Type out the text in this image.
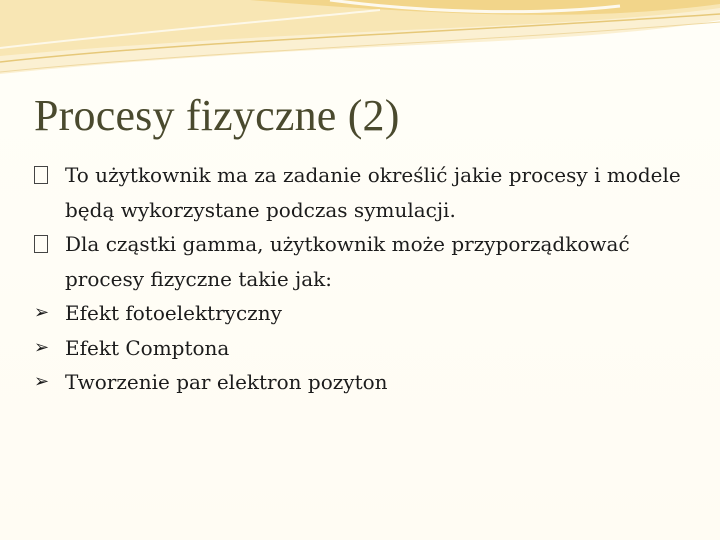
Procesy fizyczne (2)
To użytkownik ma za zadanie określić jakie procesy i modele będą wykorzystane podczas symulacji.
Dla cząstki gamma, użytkownik może przyporządkować procesy fizyczne takie jak:
➢ Efekt fotoelektryczny
➢ Efekt Comptona
➢ Tworzenie par elektron pozyton
